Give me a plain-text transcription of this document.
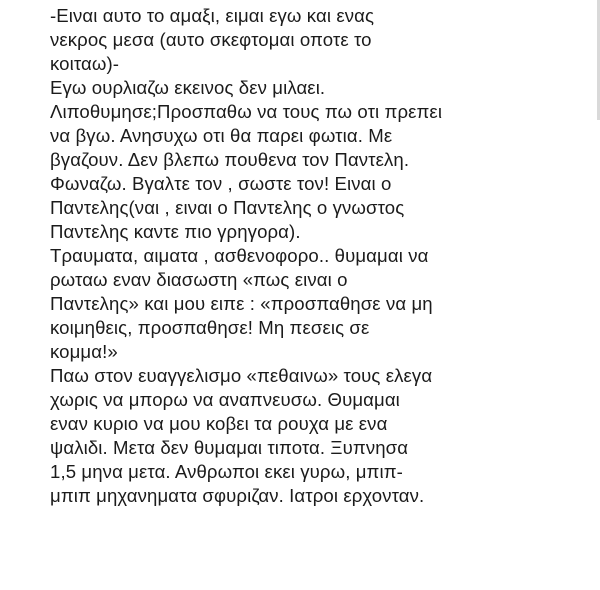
-Ειναι αυτο το αμαξι, ειμαι εγω και ενας
νεκρος μεσα (αυτο σκεφτομαι οποτε το
κοιταω)-
Εγω ουρλιαζω εκεινος δεν μιλαει.
Λιποθυμησε;Προσπαθω να τους πω οτι πρεπει
να βγω. Ανησυχω οτι θα παρει φωτια. Με
βγαζουν. Δεν βλεπω πουθενα τον Παντελη.
Φωναζω. Βγαλτε τον , σωστε τον! Ειναι ο
Παντελης(ναι , ειναι ο Παντελης ο γνωστος
Παντελης καντε πιο γρηγορα).
Τραυματα, αιματα , ασθενοφορο.. θυμαμαι να
ρωταω εναν διασωστη «πως ειναι ο
Παντελης» και μου ειπε : «προσπαθησε να μη
κοιμηθεις, προσπαθησε! Μη πεσεις σε
κομμα!»
Παω στον ευαγγελισμο «πεθαινω» τους ελεγα
χωρις να μπορω να αναπνευσω. Θυμαμαι
εναν κυριο να μου κοβει τα ρουχα με ενα
ψαλιδι. Μετα δεν θυμαμαι τιποτα. Ξυπνησα
1,5 μηνα μετα. Ανθρωποι εκει γυρω, μπιπ-
μπιπ μηχανηματα σφυριζαν. Ιατροι ερχονταν.
